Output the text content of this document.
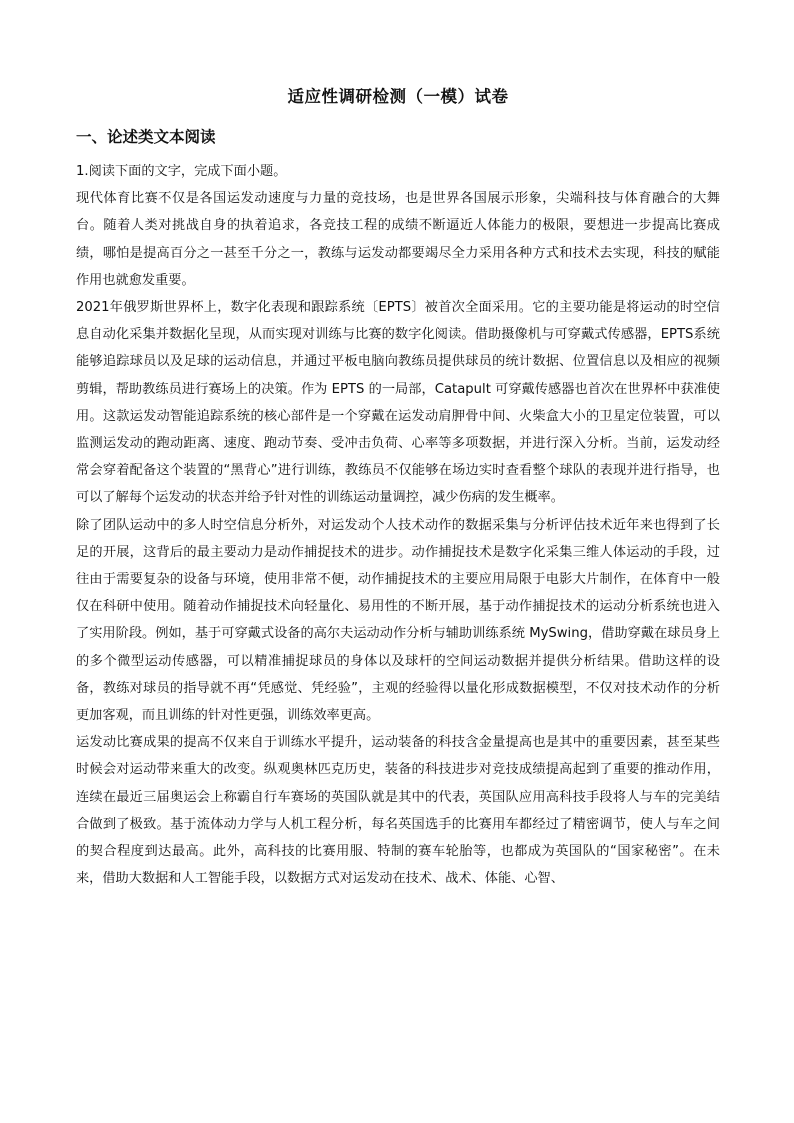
适应性调研检测（一模）试卷
一、论述类文本阅读

1.阅读下面的文字，完成下面小题。

现代体育比赛不仅是各国运发动速度与力量的竞技场，也是世界各国展示形象，尖端科技与体育融合的大舞台。随着人类对挑战自身的执着追求，各竞技工程的成绩不断逼近人体能力的极限，要想进一步提高比赛成绩，哪怕是提高百分之一甚至千分之一，教练与运发动都要竭尽全力采用各种方式和技术去实现，科技的赋能作用也就愈发重要。

2021年俄罗斯世界杯上，数字化表现和跟踪系统〔EPTS〕被首次全面采用。它的主要功能是将运动的时空信息自动化采集并数据化呈现，从而实现对训练与比赛的数字化阅读。借助摄像机与可穿戴式传感器，EPTS系统能够追踪球员以及足球的运动信息，并通过平板电脑向教练员提供球员的统计数据、位置信息以及相应的视频剪辑，帮助教练员进行赛场上的决策。作为 EPTS 的一局部，Catapult 可穿戴传感器也首次在世界杯中获准使用。这款运发动智能追踪系统的核心部件是一个穿戴在运发动肩胛骨中间、火柴盒大小的卫星定位装置，可以监测运发动的跑动距离、速度、跑动节奏、受冲击负荷、心率等多项数据，并进行深入分析。当前，运发动经常会穿着配备这个装置的“黑背心”进行训练，教练员不仅能够在场边实时查看整个球队的表现并进行指导，也可以了解每个运发动的状态并给予针对性的训练运动量调控，减少伤病的发生概率。

除了团队运动中的多人时空信息分析外，对运发动个人技术动作的数据采集与分析评估技术近年来也得到了长足的开展，这背后的最主要动力是动作捕捉技术的进步。动作捕捉技术是数字化采集三维人体运动的手段，过往由于需要复杂的设备与环境，使用非常不便，动作捕捉技术的主要应用局限于电影大片制作，在体育中一般仅在科研中使用。随着动作捕捉技术向轻量化、易用性的不断开展，基于动作捕捉技术的运动分析系统也进入了实用阶段。例如，基于可穿戴式设备的高尔夫运动动作分析与辅助训练系统 MySwing，借助穿戴在球员身上的多个微型运动传感器，可以精准捕捉球员的身体以及球杆的空间运动数据并提供分析结果。借助这样的设备，教练对球员的指导就不再“凭感觉、凭经验”，主观的经验得以量化形成数据模型，不仅对技术动作的分析更加客观，而且训练的针对性更强，训练效率更高。

运发动比赛成果的提高不仅来自于训练水平提升，运动装备的科技含金量提高也是其中的重要因素，甚至某些时候会对运动带来重大的改变。纵观奥林匹克历史，装备的科技进步对竞技成绩提高起到了重要的推动作用，连续在最近三届奥运会上称霸自行车赛场的英国队就是其中的代表，英国队应用高科技手段将人与车的完美结合做到了极致。基于流体动力学与人机工程分析，每名英国选手的比赛用车都经过了精密调节，使人与车之间的契合程度到达最高。此外，高科技的比赛用服、特制的赛车轮胎等，也都成为英国队的“国家秘密”。在未来，借助大数据和人工智能手段，以数据方式对运发动在技术、战术、体能、心智、
